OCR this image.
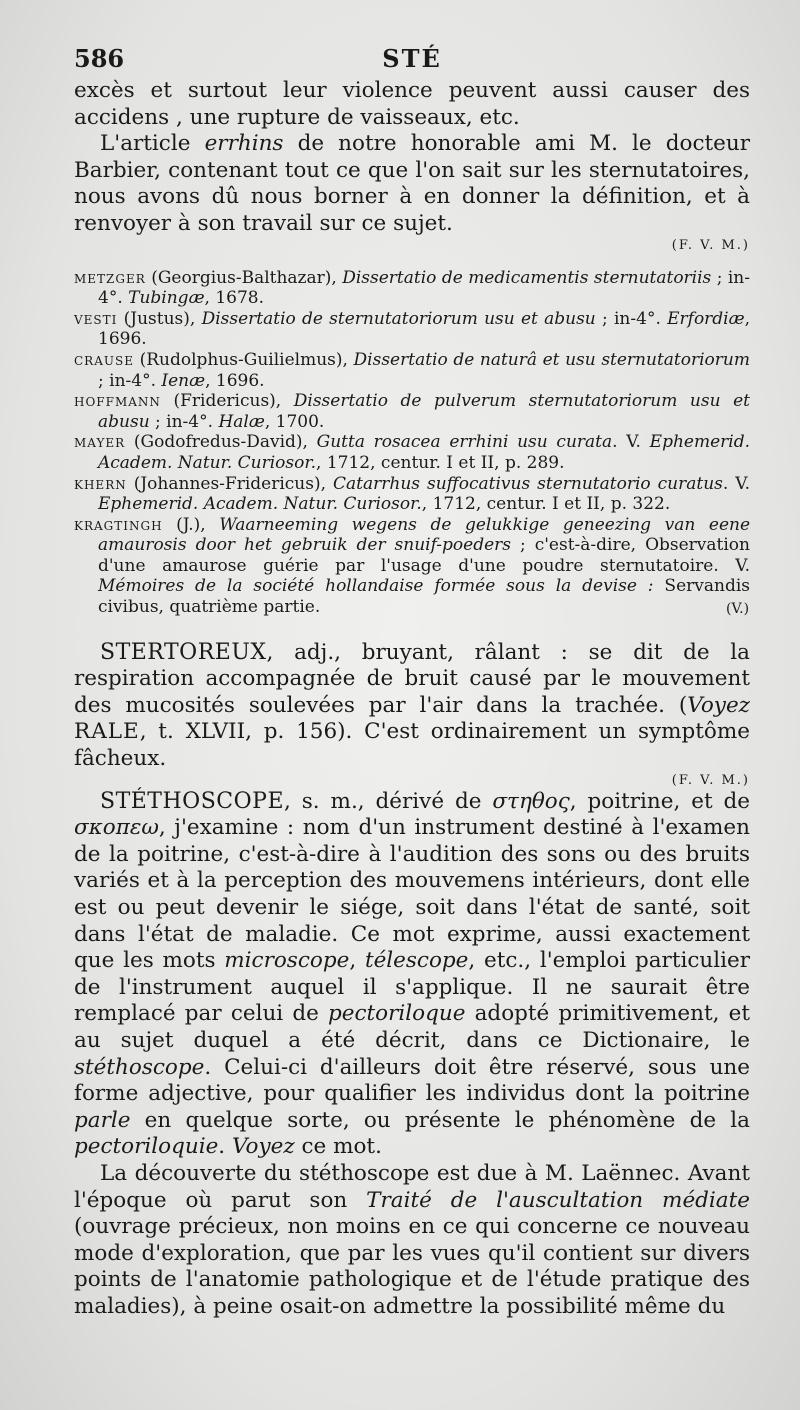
586	STÉ

excès et surtout leur violence peuvent aussi causer des accidens , une rupture de vaisseaux, etc.

L'article errhins de notre honorable ami M. le docteur Barbier, contenant tout ce que l'on sait sur les sternutatoires, nous avons dû nous borner à en donner la définition, et à renvoyer à son travail sur ce sujet.

(F. V. M.)

metzger (Georgius-Balthazar), Dissertatio de medicamentis sternutatoriis ; in-4°. Tubingæ, 1678.

vesti (Justus), Dissertatio de sternutatoriorum usu et abusu ; in-4°. Erfordiæ, 1696.

crause (Rudolphus-Guilielmus), Dissertatio de naturâ et usu sternutatoriorum ; in-4°. Ienæ, 1696.

hoffmann (Fridericus), Dissertatio de pulverum sternutatoriorum usu et abusu ; in-4°. Halæ, 1700.

mayer (Godofredus-David), Gutta rosacea errhini usu curata. V. Ephemerid. Academ. Natur. Curiosor., 1712, centur. I et II, p. 289.

khern (Johannes-Fridericus), Catarrhus suffocativus sternutatorio curatus. V. Ephemerid. Academ. Natur. Curiosor., 1712, centur. I et II, p. 322.

kragtingh (J.), Waarneeming wegens de gelukkige geneezing van eene amaurosis door het gebruik der snuif-poeders ; c'est-à-dire, Observation d'une amaurose guérie par l'usage d'une poudre sternutatoire. V. Mémoires de la société hollandaise formée sous la devise : Servandis civibus, quatrième partie.	(V.)

STERTOREUX, adj., bruyant, râlant : se dit de la respiration accompagnée de bruit causé par le mouvement des mucosités soulevées par l'air dans la trachée. (Voyez RALE, t. XLVII, p. 156). C'est ordinairement un symptôme fâcheux.

(F. V. M.)

STÉTHOSCOPE, s. m., dérivé de στηθος, poitrine, et de σκοπεω, j'examine : nom d'un instrument destiné à l'examen de la poitrine, c'est-à-dire à l'audition des sons ou des bruits variés et à la perception des mouvemens intérieurs, dont elle est ou peut devenir le siége, soit dans l'état de santé, soit dans l'état de maladie. Ce mot exprime, aussi exactement que les mots microscope, télescope, etc., l'emploi particulier de l'instrument auquel il s'applique. Il ne saurait être remplacé par celui de pectoriloque adopté primitivement, et au sujet duquel a été décrit, dans ce Dictionaire, le stéthoscope. Celui-ci d'ailleurs doit être réservé, sous une forme adjective, pour qualifier les individus dont la poitrine parle en quelque sorte, ou présente le phénomène de la pectoriloquie. Voyez ce mot.

La découverte du stéthoscope est due à M. Laënnec. Avant l'époque où parut son Traité de l'auscultation médiate (ouvrage précieux, non moins en ce qui concerne ce nouveau mode d'exploration, que par les vues qu'il contient sur divers points de l'anatomie pathologique et de l'étude pratique des maladies), à peine osait-on admettre la possibilité même du
